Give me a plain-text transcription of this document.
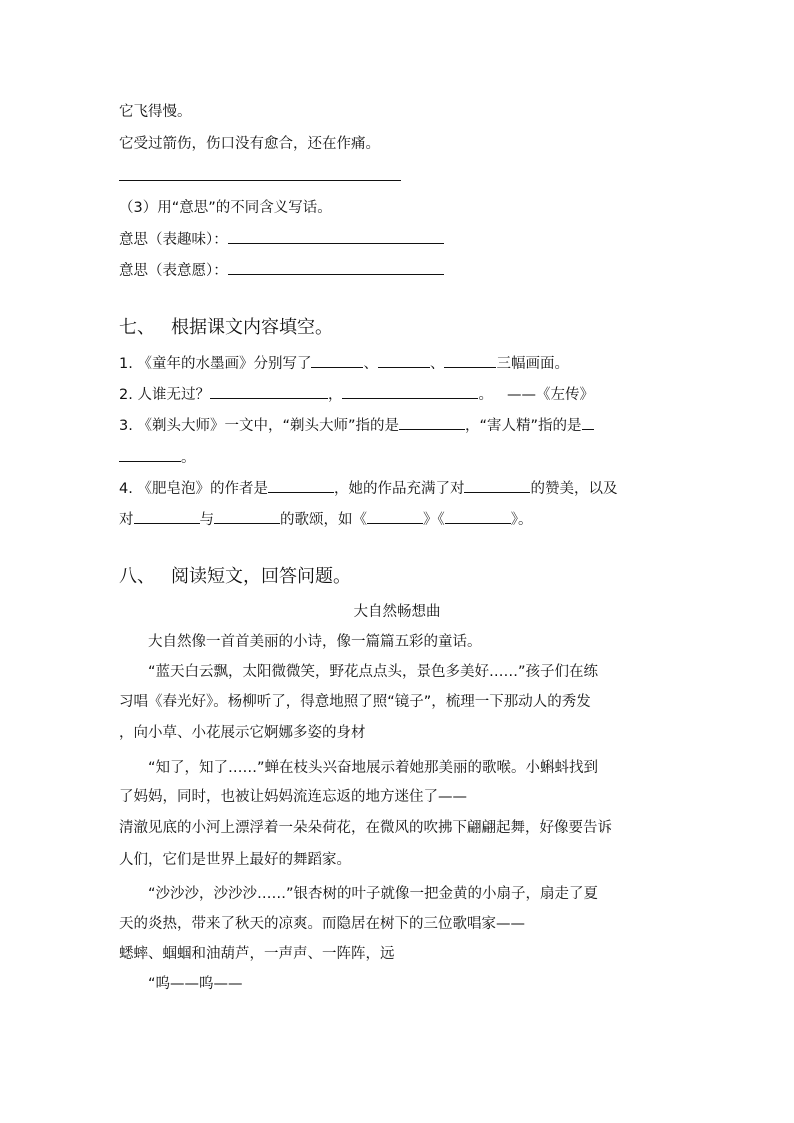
它飞得慢。
它受过箭伤，伤口没有愈合，还在作痛。
（3）用“意思”的不同含义写话。
意思（表趣味）：
意思（表意愿）：
七、 根据课文内容填空。
1. 《童年的水墨画》分别写了	、	、	三幅画面。
2. 人谁无过？	，	。 ——《左传》
3. 《剃头大师》一文中，“剃头大师”指的是	，“害人精”指的是
。
4. 《肥皂泡》的作者是	，她的作品充满了对	的赞美，以及
对	与	的歌颂，如《	》《	》。
八、 阅读短文，回答问题。
大自然畅想曲
大自然像一首首美丽的小诗，像一篇篇五彩的童话。
“蓝天白云飘，太阳微微笑，野花点点头，景色多美好……”孩子们在练
习唱《春光好》。杨柳听了，得意地照了照“镜子”，梳理一下那动人的秀发
，向小草、小花展示它婀娜多姿的身材
“知了，知了……”蝉在枝头兴奋地展示着她那美丽的歌喉。小蝌蚪找到
了妈妈，同时，也被让妈妈流连忘返的地方迷住了——
清澈见底的小河上漂浮着一朵朵荷花，在微风的吹拂下翩翩起舞，好像要告诉
人们，它们是世界上最好的舞蹈家。
“沙沙沙，沙沙沙……”银杏树的叶子就像一把金黄的小扇子，扇走了夏
天的炎热，带来了秋天的凉爽。而隐居在树下的三位歌唱家——
蟋蟀、蝈蝈和油葫芦，一声声、一阵阵，远
“呜——呜——
